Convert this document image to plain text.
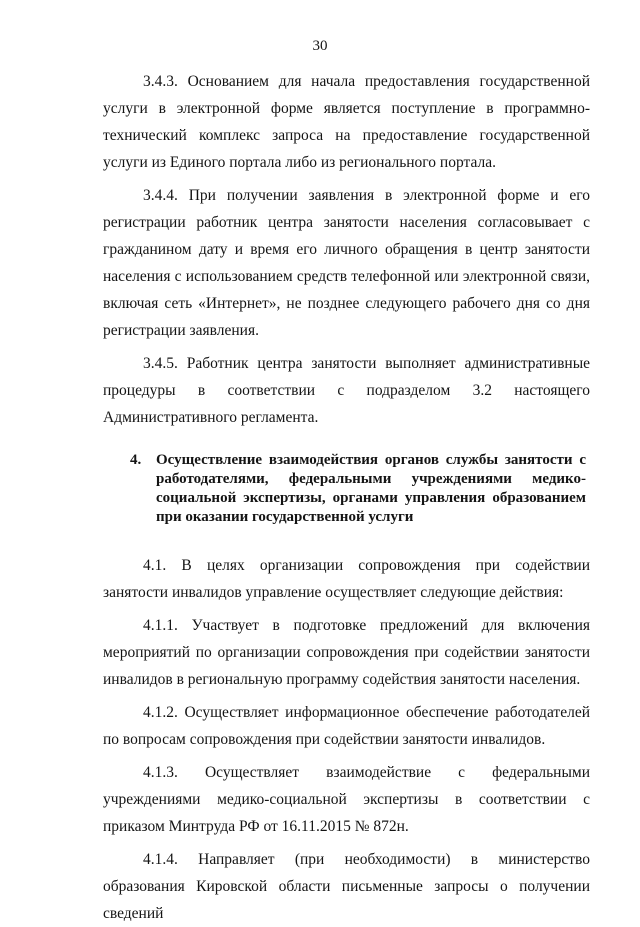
30

3.4.3. Основанием для начала предоставления государственной услуги в электронной форме является поступление в программно-технический комплекс запроса на предоставление государственной услуги из Единого портала либо из регионального портала.

3.4.4. При получении заявления в электронной форме и его регистрации работник центра занятости населения согласовывает с гражданином дату и время его личного обращения в центр занятости населения с использованием средств телефонной или электронной связи, включая сеть «Интернет», не позднее следующего рабочего дня со дня регистрации заявления.

3.4.5. Работник центра занятости выполняет административные процедуры в соответствии с подразделом 3.2 настоящего Административного регламента.

4. Осуществление взаимодействия органов службы занятости с работодателями, федеральными учреждениями медико-социальной экспертизы, органами управления образованием при оказании государственной услуги

4.1. В целях организации сопровождения при содействии занятости инвалидов управление осуществляет следующие действия:

4.1.1. Участвует в подготовке предложений для включения мероприятий по организации сопровождения при содействии занятости инвалидов в региональную программу содействия занятости населения.

4.1.2. Осуществляет информационное обеспечение работодателей по вопросам сопровождения при содействии занятости инвалидов.

4.1.3. Осуществляет взаимодействие с федеральными учреждениями медико-социальной экспертизы в соответствии с приказом Минтруда РФ от 16.11.2015 № 872н.

4.1.4. Направляет (при необходимости) в министерство образования Кировской области письменные запросы о получении сведений
